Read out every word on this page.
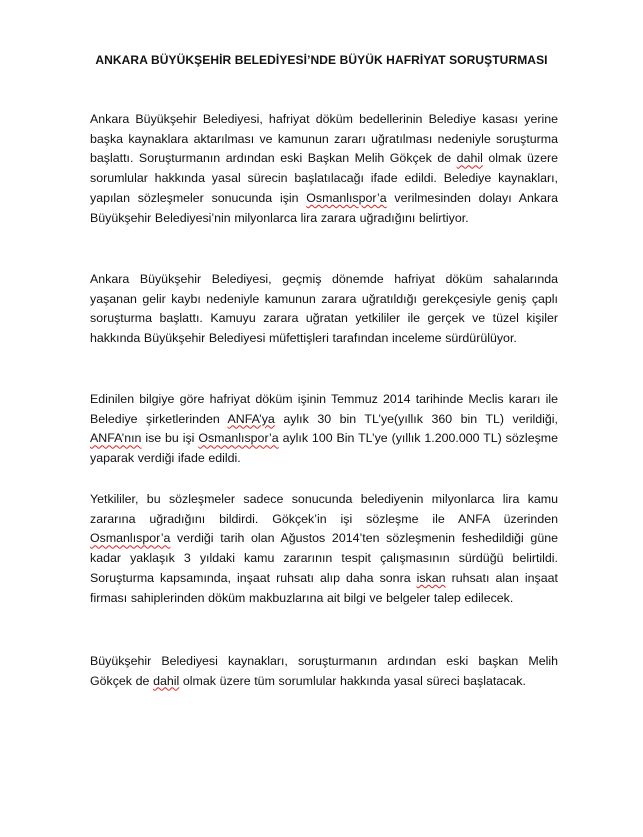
ANKARA BÜYÜKŞEHİR BELEDİYESİ’NDE BÜYÜK HAFRİYAT SORUŞTURMASI
Ankara Büyükşehir Belediyesi, hafriyat döküm bedellerinin Belediye kasası yerine başka kaynaklara aktarılması ve kamunun zararı uğratılması nedeniyle soruşturma başlattı. Soruşturmanın ardından eski Başkan Melih Gökçek de dahil olmak üzere sorumlular hakkında yasal sürecin başlatılacağı ifade edildi. Belediye kaynakları, yapılan sözleşmeler sonucunda işin Osmanlıspor’a verilmesinden dolayı Ankara Büyükşehir Belediyesi’nin milyonlarca lira zarara uğradığını belirtiyor.
Ankara Büyükşehir Belediyesi, geçmiş dönemde hafriyat döküm sahalarında yaşanan gelir kaybı nedeniyle kamunun zarara uğratıldığı gerekçesiyle geniş çaplı soruşturma başlattı. Kamuyu zarara uğratan yetkililer ile gerçek ve tüzel kişiler hakkında Büyükşehir Belediyesi müfettişleri tarafından inceleme sürdürülüyor.
Edinilen bilgiye göre hafriyat döküm işinin Temmuz 2014 tarihinde Meclis kararı ile Belediye şirketlerinden ANFA’ya aylık 30 bin TL’ye(yıllık 360 bin TL) verildiği, ANFA’nın ise bu işi Osmanlıspor’a aylık 100 Bin TL’ye (yıllık 1.200.000 TL) sözleşme yaparak verdiği ifade edildi.
Yetkililer, bu sözleşmeler sadece sonucunda belediyenin milyonlarca lira kamu zararına uğradığını bildirdi. Gökçek’in işi sözleşme ile ANFA üzerinden Osmanlıspor’a verdiği tarih olan Ağustos 2014’ten sözleşmenin feshedildiği güne kadar yaklaşık 3 yıldaki kamu zararının tespit çalışmasının sürdüğü belirtildi. Soruşturma kapsamında, inşaat ruhsatı alıp daha sonra iskan ruhsatı alan inşaat firması sahiplerinden döküm makbuzlarına ait bilgi ve belgeler talep edilecek.
Büyükşehir Belediyesi kaynakları, soruşturmanın ardından eski başkan Melih Gökçek de dahil olmak üzere tüm sorumlular hakkında yasal süreci başlatacak.
